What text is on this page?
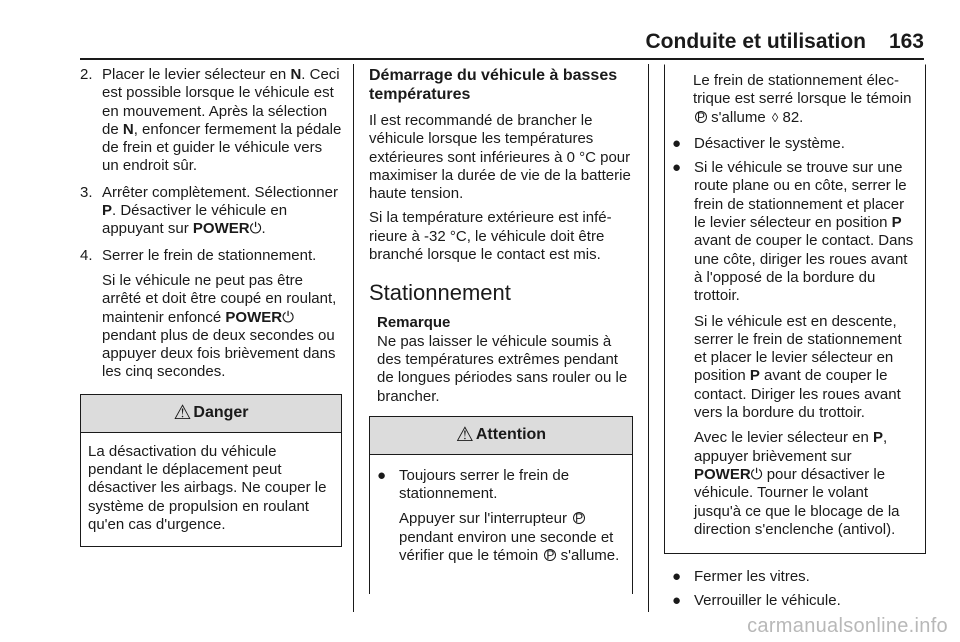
Conduite et utilisation 163
2. Placer le levier sélecteur en N. Ceci est possible lorsque le véhicule est en mouvement. Après la sélection de N, enfoncer fermement la pédale de frein et guider le véhicule vers un endroit sûr.
3. Arrêter complètement. Sélectionner P. Désactiver le véhicule en appuyant sur POWER⏻.
4. Serrer le frein de stationnement.

Si le véhicule ne peut pas être arrêté et doit être coupé en roulant, maintenir enfoncé POWER⏻ pendant plus de deux secondes ou appuyer deux fois brièvement dans les cinq secondes.

⚠ Danger
La désactivation du véhicule pendant le déplacement peut désactiver les airbags. Ne couper le système de propulsion en roulant qu'en cas d'urgence.
Démarrage du véhicule à basses températures

Il est recommandé de brancher le véhicule lorsque les températures extérieures sont inférieures à 0 °C pour maximiser la durée de vie de la batterie haute tension.

Si la température extérieure est inférieure à -32 °C, le véhicule doit être branché lorsque le contact est mis.

Stationnement
Remarque

Ne pas laisser le véhicule soumis à des températures extrêmes pendant de longues périodes sans rouler ou le brancher.

⚠ Attention
● Toujours serrer le frein de stationnement.

Appuyer sur l'interrupteur P pendant environ une seconde et vérifier que le témoin P s'allume.

Le frein de stationnement électrique est serré lorsque le témoin P s'allume ◊ 82.

● Désactiver le système.
● Si le véhicule se trouve sur une route plane ou en côte, serrer le frein de stationnement et placer le levier sélecteur en position P avant de couper le contact. Dans une côte, diriger les roues avant à l'opposé de la bordure du trottoir.

Si le véhicule est en descente, serrer le frein de stationnement et placer le levier sélecteur en position P avant de couper le contact. Diriger les roues avant vers la bordure du trottoir.

Avec le levier sélecteur en P, appuyer brièvement sur POWER⏻ pour désactiver le véhicule. Tourner le volant jusqu'à ce que le blocage de la direction s'enclenche (antivol).

● Fermer les vitres.
● Verrouiller le véhicule.
carmanualsonline.info
